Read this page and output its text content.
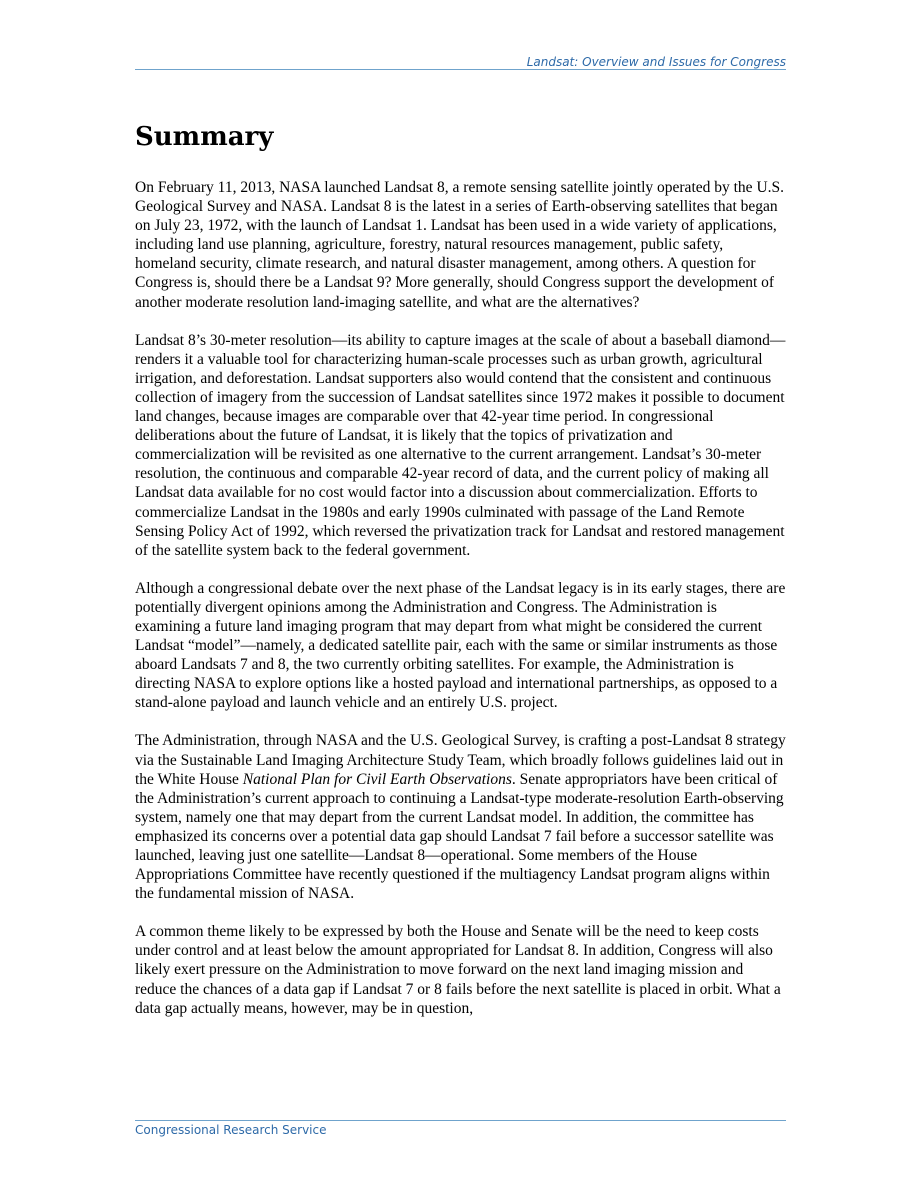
Landsat: Overview and Issues for Congress
Summary

On February 11, 2013, NASA launched Landsat 8, a remote sensing satellite jointly operated by the U.S. Geological Survey and NASA. Landsat 8 is the latest in a series of Earth-observing satellites that began on July 23, 1972, with the launch of Landsat 1. Landsat has been used in a wide variety of applications, including land use planning, agriculture, forestry, natural resources management, public safety, homeland security, climate research, and natural disaster management, among others. A question for Congress is, should there be a Landsat 9? More generally, should Congress support the development of another moderate resolution land-imaging satellite, and what are the alternatives?

Landsat 8’s 30-meter resolution—its ability to capture images at the scale of about a baseball diamond—renders it a valuable tool for characterizing human-scale processes such as urban growth, agricultural irrigation, and deforestation. Landsat supporters also would contend that the consistent and continuous collection of imagery from the succession of Landsat satellites since 1972 makes it possible to document land changes, because images are comparable over that 42-year time period. In congressional deliberations about the future of Landsat, it is likely that the topics of privatization and commercialization will be revisited as one alternative to the current arrangement. Landsat’s 30-meter resolution, the continuous and comparable 42-year record of data, and the current policy of making all Landsat data available for no cost would factor into a discussion about commercialization. Efforts to commercialize Landsat in the 1980s and early 1990s culminated with passage of the Land Remote Sensing Policy Act of 1992, which reversed the privatization track for Landsat and restored management of the satellite system back to the federal government.

Although a congressional debate over the next phase of the Landsat legacy is in its early stages, there are potentially divergent opinions among the Administration and Congress. The Administration is examining a future land imaging program that may depart from what might be considered the current Landsat “model”—namely, a dedicated satellite pair, each with the same or similar instruments as those aboard Landsats 7 and 8, the two currently orbiting satellites. For example, the Administration is directing NASA to explore options like a hosted payload and international partnerships, as opposed to a stand-alone payload and launch vehicle and an entirely U.S. project.

The Administration, through NASA and the U.S. Geological Survey, is crafting a post-Landsat 8 strategy via the Sustainable Land Imaging Architecture Study Team, which broadly follows guidelines laid out in the White House National Plan for Civil Earth Observations. Senate appropriators have been critical of the Administration’s current approach to continuing a Landsat-type moderate-resolution Earth-observing system, namely one that may depart from the current Landsat model. In addition, the committee has emphasized its concerns over a potential data gap should Landsat 7 fail before a successor satellite was launched, leaving just one satellite—Landsat 8—operational. Some members of the House Appropriations Committee have recently questioned if the multiagency Landsat program aligns within the fundamental mission of NASA.

A common theme likely to be expressed by both the House and Senate will be the need to keep costs under control and at least below the amount appropriated for Landsat 8. In addition, Congress will also likely exert pressure on the Administration to move forward on the next land imaging mission and reduce the chances of a data gap if Landsat 7 or 8 fails before the next satellite is placed in orbit. What a data gap actually means, however, may be in question,

Congressional Research Service
